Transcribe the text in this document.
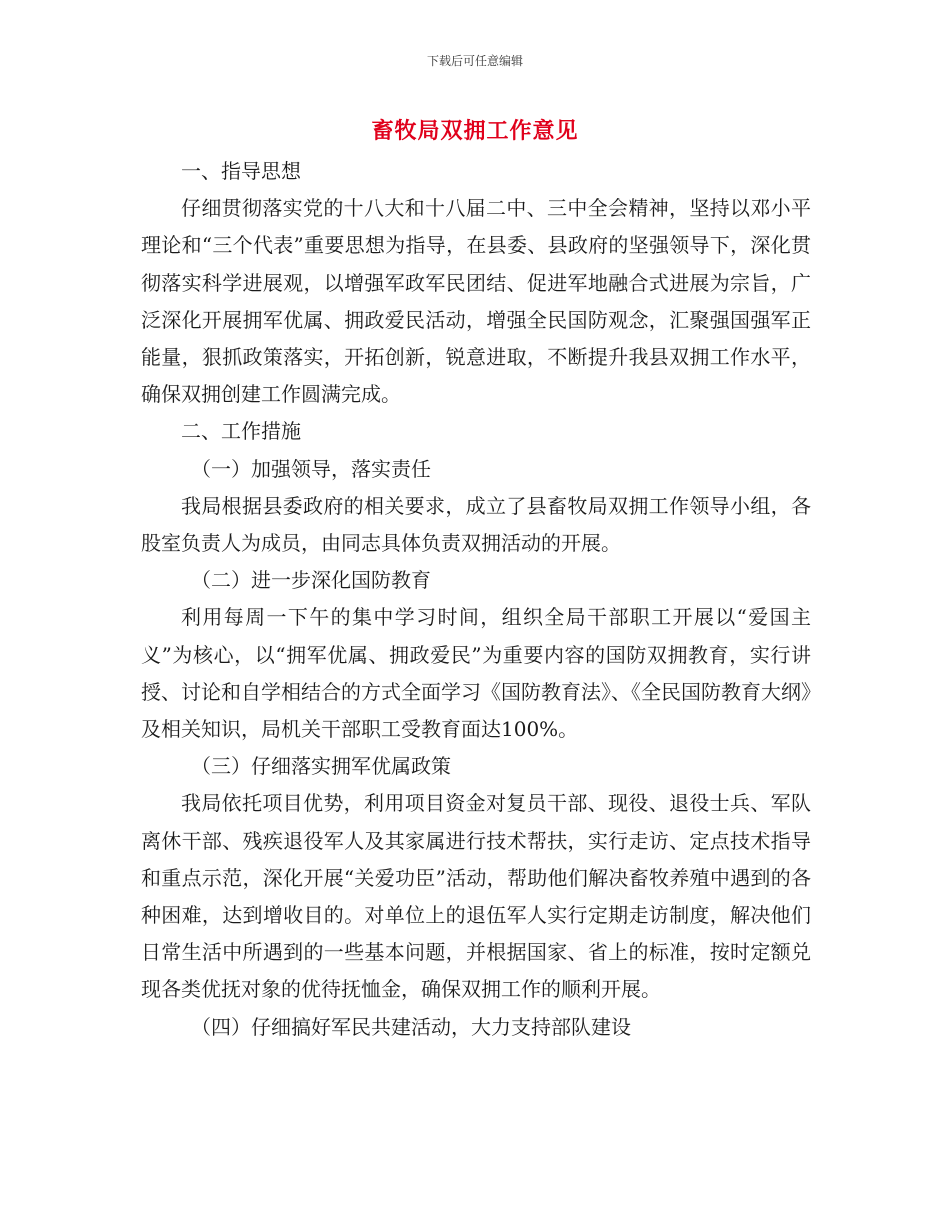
下载后可任意编辑
畜牧局双拥工作意见

一、指导思想

仔细贯彻落实党的十八大和十八届二中、三中全会精神，坚持以邓小平理论和“三个代表”重要思想为指导，在县委、县政府的坚强领导下，深化贯彻落实科学进展观，以增强军政军民团结、促进军地融合式进展为宗旨，广泛深化开展拥军优属、拥政爱民活动，增强全民国防观念，汇聚强国强军正能量，狠抓政策落实，开拓创新，锐意进取，不断提升我县双拥工作水平，确保双拥创建工作圆满完成。

二、工作措施

（一）加强领导，落实责任

我局根据县委政府的相关要求，成立了县畜牧局双拥工作领导小组，各股室负责人为成员，由同志具体负责双拥活动的开展。

（二）进一步深化国防教育

利用每周一下午的集中学习时间，组织全局干部职工开展以“爱国主义”为核心，以“拥军优属、拥政爱民”为重要内容的国防双拥教育，实行讲授、讨论和自学相结合的方式全面学习《国防教育法》、《全民国防教育大纲》及相关知识，局机关干部职工受教育面达100%。

（三）仔细落实拥军优属政策

我局依托项目优势，利用项目资金对复员干部、现役、退役士兵、军队离休干部、残疾退役军人及其家属进行技术帮扶，实行走访、定点技术指导和重点示范，深化开展“关爱功臣”活动，帮助他们解决畜牧养殖中遇到的各种困难，达到增收目的。对单位上的退伍军人实行定期走访制度，解决他们日常生活中所遇到的一些基本问题，并根据国家、省上的标准，按时定额兑现各类优抚对象的优待抚恤金，确保双拥工作的顺利开展。

（四）仔细搞好军民共建活动，大力支持部队建设
